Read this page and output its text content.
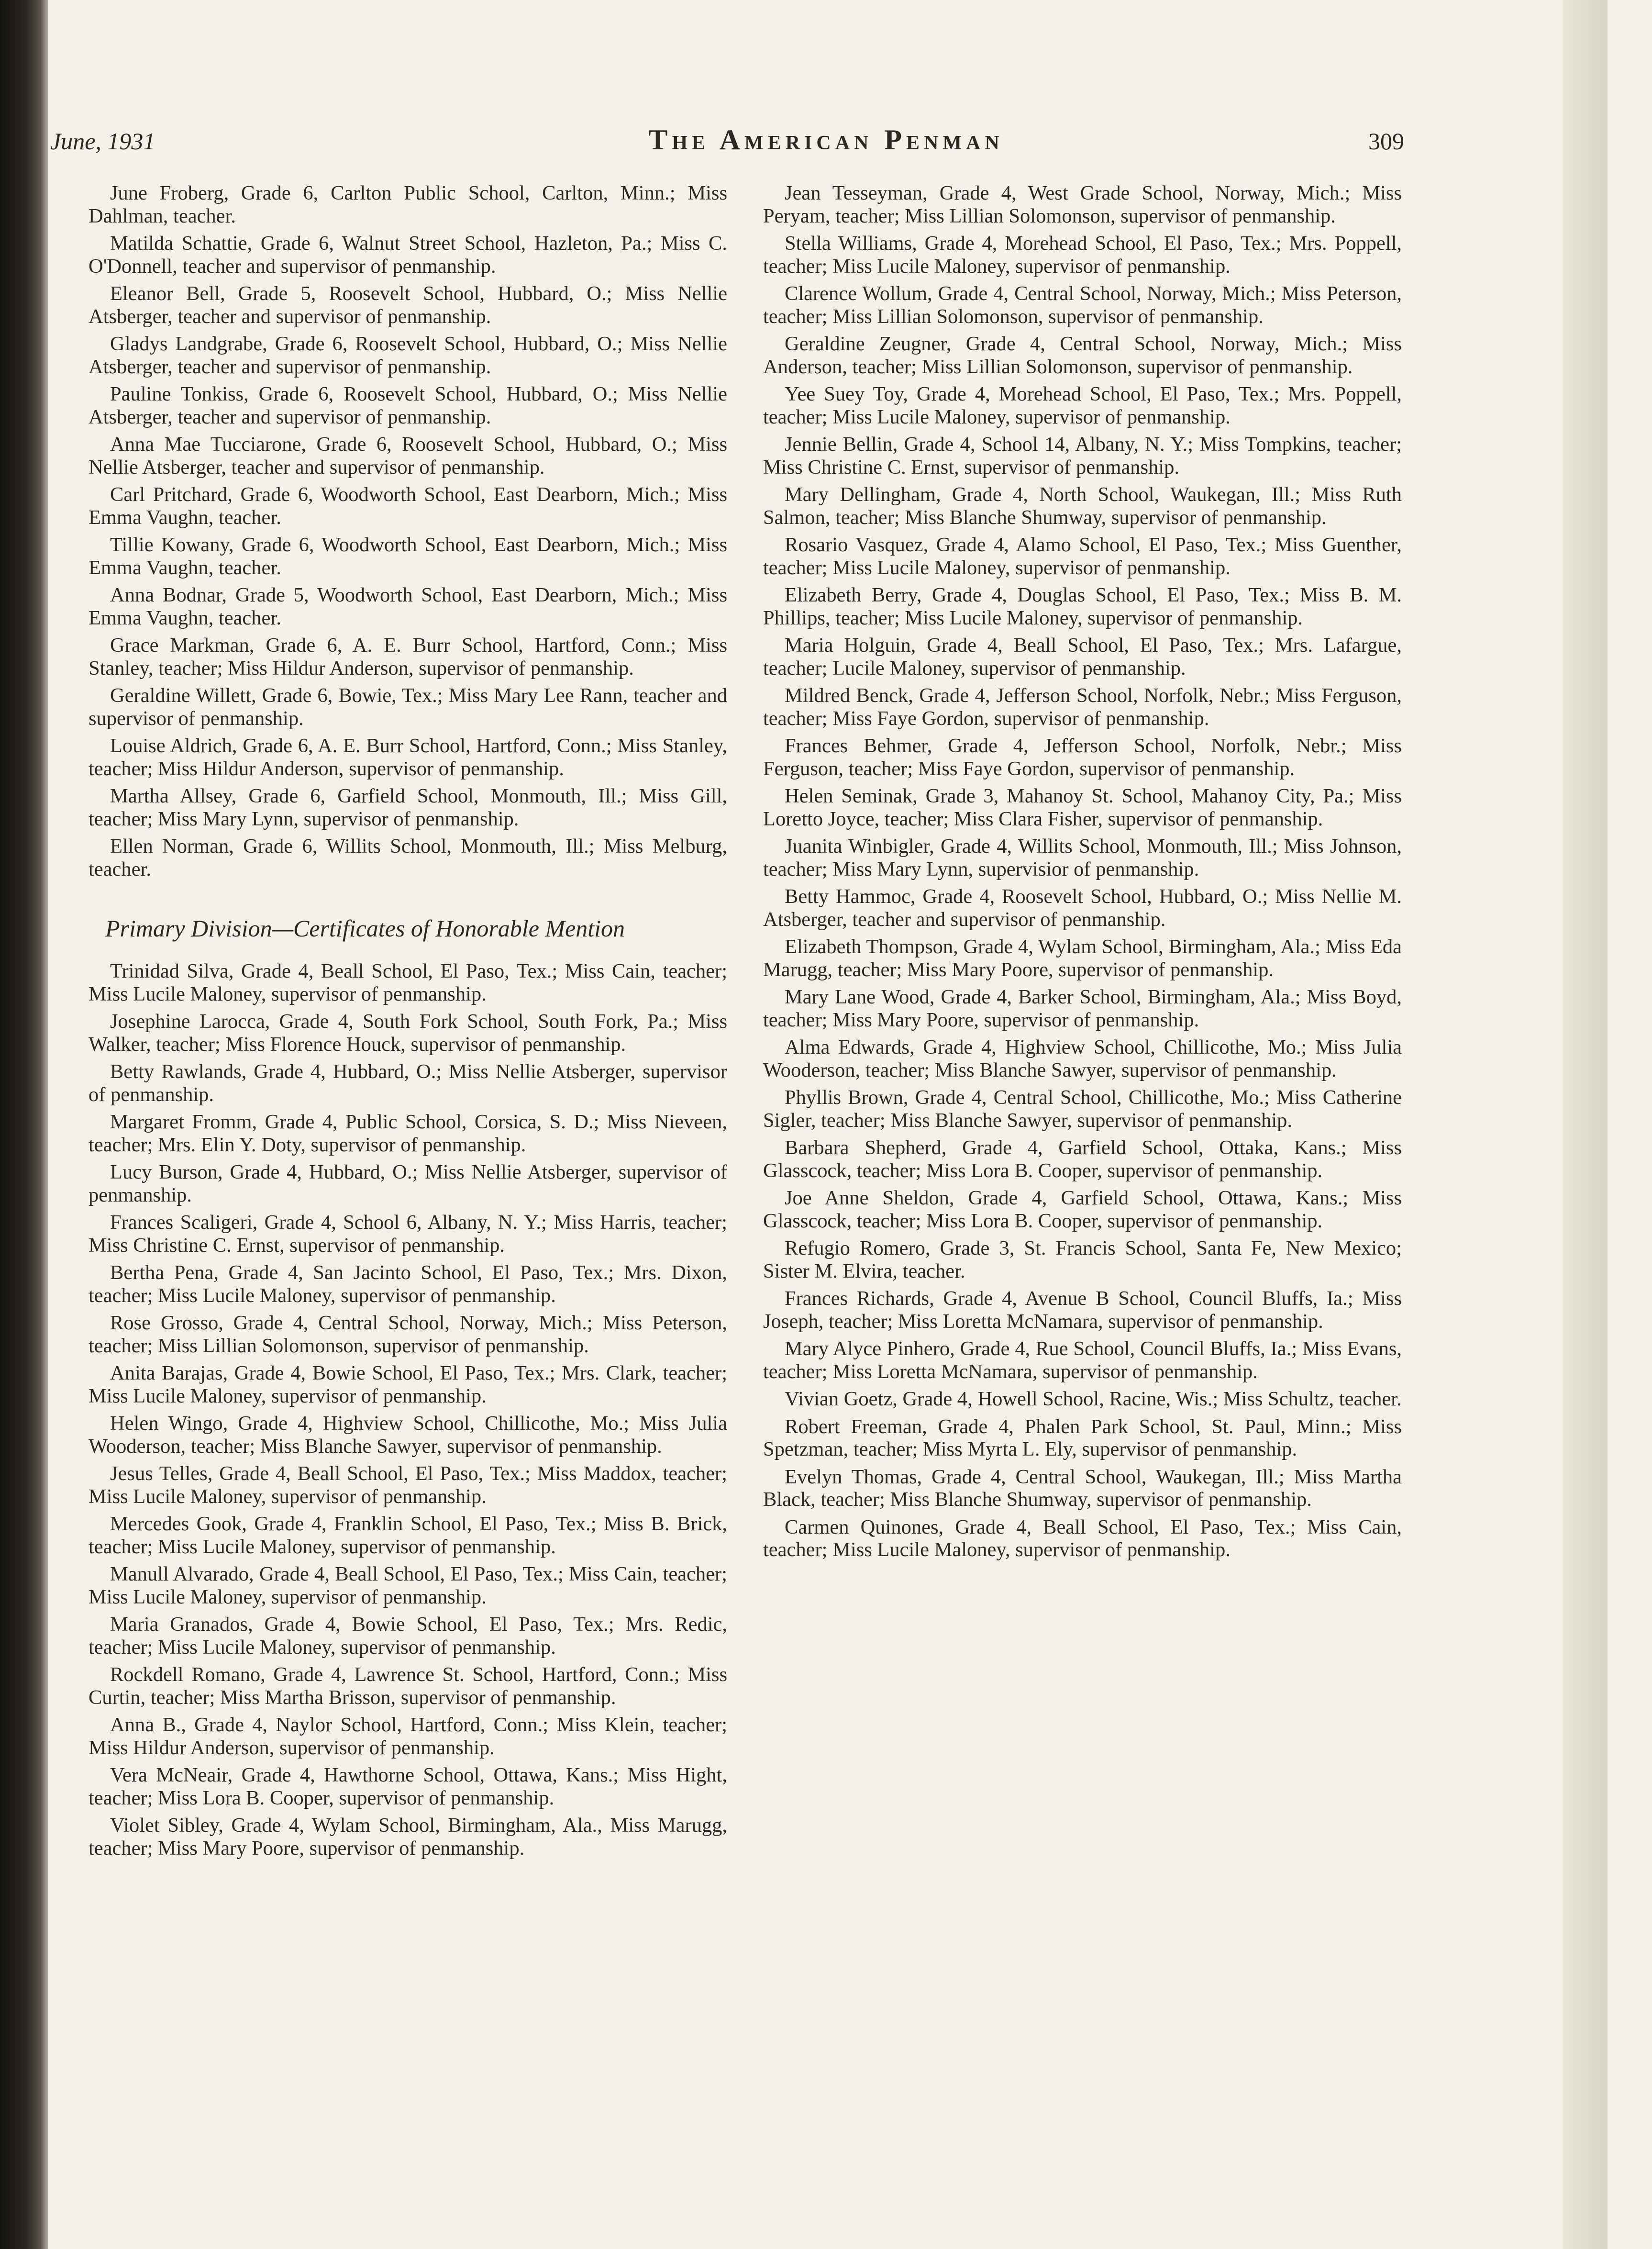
June, 1931	The American Penman	309

June Froberg, Grade 6, Carlton Public School, Carlton, Minn.; Miss Dahlman, teacher.

Matilda Schattie, Grade 6, Walnut Street School, Hazleton, Pa.; Miss C. O'Donnell, teacher and supervisor of penmanship.

Eleanor Bell, Grade 5, Roosevelt School, Hubbard, O.; Miss Nellie Atsberger, teacher and supervisor of penmanship.

Gladys Landgrabe, Grade 6, Roosevelt School, Hubbard, O.; Miss Nellie Atsberger, teacher and supervisor of penmanship.

Pauline Tonkiss, Grade 6, Roosevelt School, Hubbard, O.; Miss Nellie Atsberger, teacher and supervisor of penmanship.

Anna Mae Tucciarone, Grade 6, Roosevelt School, Hubbard, O.; Miss Nellie Atsberger, teacher and supervisor of penmanship.

Carl Pritchard, Grade 6, Woodworth School, East Dearborn, Mich.; Miss Emma Vaughn, teacher.

Tillie Kowany, Grade 6, Woodworth School, East Dearborn, Mich.; Miss Emma Vaughn, teacher.

Anna Bodnar, Grade 5, Woodworth School, East Dearborn, Mich.; Miss Emma Vaughn, teacher.

Grace Markman, Grade 6, A. E. Burr School, Hartford, Conn.; Miss Stanley, teacher; Miss Hildur Anderson, supervisor of penmanship.

Geraldine Willett, Grade 6, Bowie, Tex.; Miss Mary Lee Rann, teacher and supervisor of penmanship.

Louise Aldrich, Grade 6, A. E. Burr School, Hartford, Conn.; Miss Stanley, teacher; Miss Hildur Anderson, supervisor of penmanship.

Martha Allsey, Grade 6, Garfield School, Monmouth, Ill.; Miss Gill, teacher; Miss Mary Lynn, supervisor of penmanship.

Ellen Norman, Grade 6, Willits School, Monmouth, Ill.; Miss Melburg, teacher.

Primary Division—Certificates of Honorable Mention

Trinidad Silva, Grade 4, Beall School, El Paso, Tex.; Miss Cain, teacher; Miss Lucile Maloney, supervisor of penmanship.

Josephine Larocca, Grade 4, South Fork School, South Fork, Pa.; Miss Walker, teacher; Miss Florence Houck, supervisor of penmanship.

Betty Rawlands, Grade 4, Hubbard, O.; Miss Nellie Atsberger, supervisor of penmanship.

Margaret Fromm, Grade 4, Public School, Corsica, S. D.; Miss Nieveen, teacher; Mrs. Elin Y. Doty, supervisor of penmanship.

Lucy Burson, Grade 4, Hubbard, O.; Miss Nellie Atsberger, supervisor of penmanship.

Frances Scaligeri, Grade 4, School 6, Albany, N. Y.; Miss Harris, teacher; Miss Christine C. Ernst, supervisor of penmanship.

Bertha Pena, Grade 4, San Jacinto School, El Paso, Tex.; Mrs. Dixon, teacher; Miss Lucile Maloney, supervisor of penmanship.

Rose Grosso, Grade 4, Central School, Norway, Mich.; Miss Peterson, teacher; Miss Lillian Solomonson, supervisor of penmanship.

Anita Barajas, Grade 4, Bowie School, El Paso, Tex.; Mrs. Clark, teacher; Miss Lucile Maloney, supervisor of penmanship.

Helen Wingo, Grade 4, Highview School, Chillicothe, Mo.; Miss Julia Wooderson, teacher; Miss Blanche Sawyer, supervisor of penmanship.

Jesus Telles, Grade 4, Beall School, El Paso, Tex.; Miss Maddox, teacher; Miss Lucile Maloney, supervisor of penmanship.

Mercedes Gook, Grade 4, Franklin School, El Paso, Tex.; Miss B. Brick, teacher; Miss Lucile Maloney, supervisor of penmanship.

Manull Alvarado, Grade 4, Beall School, El Paso, Tex.; Miss Cain, teacher; Miss Lucile Maloney, supervisor of penmanship.

Maria Granados, Grade 4, Bowie School, El Paso, Tex.; Mrs. Redic, teacher; Miss Lucile Maloney, supervisor of penmanship.

Rockdell Romano, Grade 4, Lawrence St. School, Hartford, Conn.; Miss Curtin, teacher; Miss Martha Brisson, supervisor of penmanship.

Anna B., Grade 4, Naylor School, Hartford, Conn.; Miss Klein, teacher; Miss Hildur Anderson, supervisor of penmanship.

Vera McNeair, Grade 4, Hawthorne School, Ottawa, Kans.; Miss Hight, teacher; Miss Lora B. Cooper, supervisor of penmanship.

Violet Sibley, Grade 4, Wylam School, Birmingham, Ala., Miss Marugg, teacher; Miss Mary Poore, supervisor of penmanship.

Jean Tesseyman, Grade 4, West Grade School, Norway, Mich.; Miss Peryam, teacher; Miss Lillian Solomonson, supervisor of penmanship.

Stella Williams, Grade 4, Morehead School, El Paso, Tex.; Mrs. Poppell, teacher; Miss Lucile Maloney, supervisor of penmanship.

Clarence Wollum, Grade 4, Central School, Norway, Mich.; Miss Peterson, teacher; Miss Lillian Solomonson, supervisor of penmanship.

Geraldine Zeugner, Grade 4, Central School, Norway, Mich.; Miss Anderson, teacher; Miss Lillian Solomonson, supervisor of penmanship.

Yee Suey Toy, Grade 4, Morehead School, El Paso, Tex.; Mrs. Poppell, teacher; Miss Lucile Maloney, supervisor of penmanship.

Jennie Bellin, Grade 4, School 14, Albany, N. Y.; Miss Tompkins, teacher; Miss Christine C. Ernst, supervisor of penmanship.

Mary Dellingham, Grade 4, North School, Waukegan, Ill.; Miss Ruth Salmon, teacher; Miss Blanche Shumway, supervisor of penmanship.

Rosario Vasquez, Grade 4, Alamo School, El Paso, Tex.; Miss Guenther, teacher; Miss Lucile Maloney, supervisor of penmanship.

Elizabeth Berry, Grade 4, Douglas School, El Paso, Tex.; Miss B. M. Phillips, teacher; Miss Lucile Maloney, supervisor of penmanship.

Maria Holguin, Grade 4, Beall School, El Paso, Tex.; Mrs. Lafargue, teacher; Lucile Maloney, supervisor of penmanship.

Mildred Benck, Grade 4, Jefferson School, Norfolk, Nebr.; Miss Ferguson, teacher; Miss Faye Gordon, supervisor of penmanship.

Frances Behmer, Grade 4, Jefferson School, Norfolk, Nebr.; Miss Ferguson, teacher; Miss Faye Gordon, supervisor of penmanship.

Helen Seminak, Grade 3, Mahanoy St. School, Mahanoy City, Pa.; Miss Loretto Joyce, teacher; Miss Clara Fisher, supervisor of penmanship.

Juanita Winbigler, Grade 4, Willits School, Monmouth, Ill.; Miss Johnson, teacher; Miss Mary Lynn, supervisior of penmanship.

Betty Hammoc, Grade 4, Roosevelt School, Hubbard, O.; Miss Nellie M. Atsberger, teacher and supervisor of penmanship.

Elizabeth Thompson, Grade 4, Wylam School, Birmingham, Ala.; Miss Eda Marugg, teacher; Miss Mary Poore, supervisor of penmanship.

Mary Lane Wood, Grade 4, Barker School, Birmingham, Ala.; Miss Boyd, teacher; Miss Mary Poore, supervisor of penmanship.

Alma Edwards, Grade 4, Highview School, Chillicothe, Mo.; Miss Julia Wooderson, teacher; Miss Blanche Sawyer, supervisor of penmanship.

Phyllis Brown, Grade 4, Central School, Chillicothe, Mo.; Miss Catherine Sigler, teacher; Miss Blanche Sawyer, supervisor of penmanship.

Barbara Shepherd, Grade 4, Garfield School, Ottaka, Kans.; Miss Glasscock, teacher; Miss Lora B. Cooper, supervisor of penmanship.

Joe Anne Sheldon, Grade 4, Garfield School, Ottawa, Kans.; Miss Glasscock, teacher; Miss Lora B. Cooper, supervisor of penmanship.

Refugio Romero, Grade 3, St. Francis School, Santa Fe, New Mexico; Sister M. Elvira, teacher.

Frances Richards, Grade 4, Avenue B School, Council Bluffs, Ia.; Miss Joseph, teacher; Miss Loretta McNamara, supervisor of penmanship.

Mary Alyce Pinhero, Grade 4, Rue School, Council Bluffs, Ia.; Miss Evans, teacher; Miss Loretta McNamara, supervisor of penmanship.

Vivian Goetz, Grade 4, Howell School, Racine, Wis.; Miss Schultz, teacher.

Robert Freeman, Grade 4, Phalen Park School, St. Paul, Minn.; Miss Spetzman, teacher; Miss Myrta L. Ely, supervisor of penmanship.

Evelyn Thomas, Grade 4, Central School, Waukegan, Ill.; Miss Martha Black, teacher; Miss Blanche Shumway, supervisor of penmanship.

Carmen Quinones, Grade 4, Beall School, El Paso, Tex.; Miss Cain, teacher; Miss Lucile Maloney, supervisor of penmanship.
